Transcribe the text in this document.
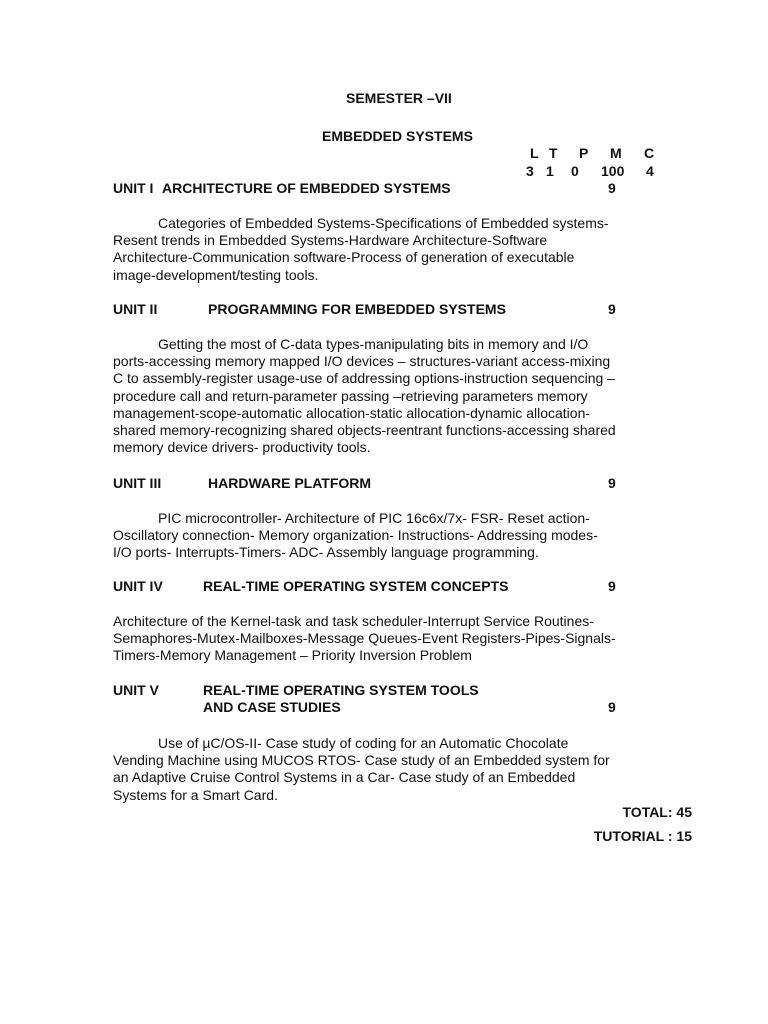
SEMESTER –VII
EMBEDDED SYSTEMS
L T P M C
3 1 0 100 4
UNIT I ARCHITECTURE OF EMBEDDED SYSTEMS	9
Categories of Embedded Systems-Specifications of Embedded systems-
Resent trends in Embedded Systems-Hardware Architecture-Software
Architecture-Communication software-Process of generation of executable
image-development/testing tools.
UNIT II	PROGRAMMING FOR EMBEDDED SYSTEMS	9
Getting the most of C-data types-manipulating bits in memory and I/O
ports-accessing memory mapped I/O devices – structures-variant access-mixing
C to assembly-register usage-use of addressing options-instruction sequencing –
procedure call and return-parameter passing –retrieving parameters memory
management-scope-automatic allocation-static allocation-dynamic allocation-
shared memory-recognizing shared objects-reentrant functions-accessing shared
memory device drivers- productivity tools.
UNIT III	HARDWARE PLATFORM	9
PIC microcontroller- Architecture of PIC 16c6x/7x- FSR- Reset action-
Oscillatory connection- Memory organization- Instructions- Addressing modes-
I/O ports- Interrupts-Timers- ADC- Assembly language programming.
UNIT IV	REAL-TIME OPERATING SYSTEM CONCEPTS	9
Architecture of the Kernel-task and task scheduler-Interrupt Service Routines-
Semaphores-Mutex-Mailboxes-Message Queues-Event Registers-Pipes-Signals-
Timers-Memory Management – Priority Inversion Problem
UNIT V	REAL-TIME OPERATING SYSTEM TOOLS
AND CASE STUDIES	9
Use of µC/OS-II- Case study of coding for an Automatic Chocolate
Vending Machine using MUCOS RTOS- Case study of an Embedded system for
an Adaptive Cruise Control Systems in a Car- Case study of an Embedded
Systems for a Smart Card.
TOTAL: 45
TUTORIAL : 15
